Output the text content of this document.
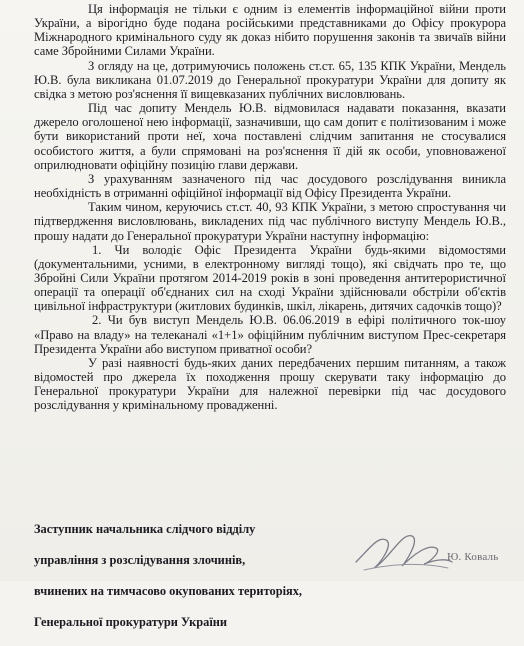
Ця інформація не тільки є одним із елементів інформаційної війни проти України, а вірогідно буде подана російськими представниками до Офісу прокурора Міжнародного кримінального суду як доказ нібито порушення законів та звичаїв війни саме Збройними Силами України.

З огляду на це, дотримуючись положень ст.ст. 65, 135 КПК України, Мендель Ю.В. була викликана 01.07.2019 до Генеральної прокуратури України для допиту як свідка з метою роз'яснення її вищевказаних публічних висловлювань.

Під час допиту Мендель Ю.В. відмовилася надавати показання, вказати джерело оголошеної нею інформації, зазначивши, що сам допит є політизованим і може бути використаний проти неї, хоча поставлені слідчим запитання не стосувалися особистого життя, а були спрямовані на роз'яснення її дій як особи, уповноваженої оприлюдновати офіційну позицію глави держави.

З урахуванням зазначеного під час досудового розслідування виникла необхідність в отриманні офіційної інформації від Офісу Президента України.

Таким чином, керуючись ст.ст. 40, 93 КПК України, з метою спростування чи підтвердження висловлювань, викладених під час публічного виступу Мендель Ю.В., прошу надати до Генеральної прокуратури України наступну інформацію:

1. Чи володіє Офіс Президента України будь-якими відомостями (документальними, усними, в електронному вигляді тощо), які свідчать про те, що Збройні Сили України протягом 2014-2019 років в зоні проведення антитерористичної операції та операції об'єднаних сил на сході України здійснювали обстріли об'єктів цивільної інфраструктури (житлових будинків, шкіл, лікарень, дитячих садочків тощо)?

2. Чи був виступ Мендель Ю.В. 06.06.2019 в ефірі політичного ток-шоу «Право на владу» на телеканалі «1+1» офіційним публічним виступом Прес-секретаря Президента України або виступом приватної особи?

У разі наявності будь-яких даних передбачених першим питанням, а також відомостей про джерела їх походження прошу скерувати таку інформацію до Генеральної прокуратури України для належної перевірки під час досудового розслідування у кримінальному провадженні.

Заступник начальника слідчого відділу

управління з розслідування злочинів,

вчинених на тимчасово окупованих територіях,

Генеральної прокуратури України

Ю. Коваль
